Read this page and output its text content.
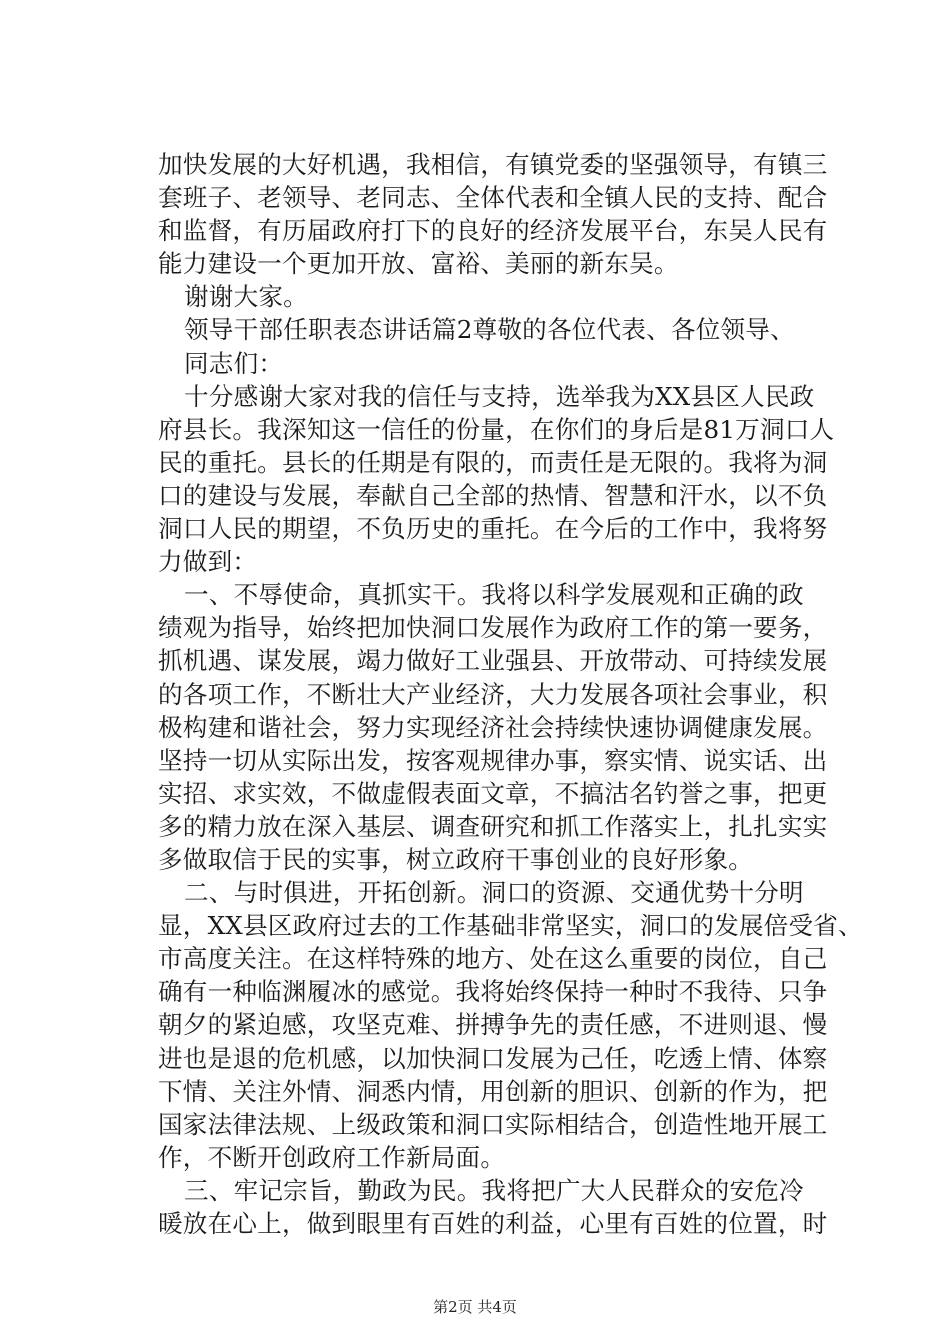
加快发展的大好机遇，我相信，有镇党委的坚强领导，有镇三
套班子、老领导、老同志、全体代表和全镇人民的支持、配合
和监督，有历届政府打下的良好的经济发展平台，东吴人民有
能力建设一个更加开放、富裕、美丽的新东吴。
谢谢大家。
领导干部任职表态讲话篇2尊敬的各位代表、各位领导、
同志们：
十分感谢大家对我的信任与支持，选举我为XX县区人民政
府县长。我深知这一信任的份量，在你们的身后是81万洞口人
民的重托。县长的任期是有限的，而责任是无限的。我将为洞
口的建设与发展，奉献自己全部的热情、智慧和汗水，以不负
洞口人民的期望，不负历史的重托。在今后的工作中，我将努
力做到：
一、不辱使命，真抓实干。我将以科学发展观和正确的政
绩观为指导，始终把加快洞口发展作为政府工作的第一要务，
抓机遇、谋发展，竭力做好工业强县、开放带动、可持续发展
的各项工作，不断壮大产业经济，大力发展各项社会事业，积
极构建和谐社会，努力实现经济社会持续快速协调健康发展。
坚持一切从实际出发，按客观规律办事，察实情、说实话、出
实招、求实效，不做虚假表面文章，不搞沽名钓誉之事，把更
多的精力放在深入基层、调查研究和抓工作落实上，扎扎实实
多做取信于民的实事，树立政府干事创业的良好形象。
二、与时俱进，开拓创新。洞口的资源、交通优势十分明
显，XX县区政府过去的工作基础非常坚实，洞口的发展倍受省、
市高度关注。在这样特殊的地方、处在这么重要的岗位，自己
确有一种临渊履冰的感觉。我将始终保持一种时不我待、只争
朝夕的紧迫感，攻坚克难、拼搏争先的责任感，不进则退、慢
进也是退的危机感，以加快洞口发展为己任，吃透上情、体察
下情、关注外情、洞悉内情，用创新的胆识、创新的作为，把
国家法律法规、上级政策和洞口实际相结合，创造性地开展工
作，不断开创政府工作新局面。
三、牢记宗旨，勤政为民。我将把广大人民群众的安危冷
暖放在心上，做到眼里有百姓的利益，心里有百姓的位置，时
第2页 共4页
